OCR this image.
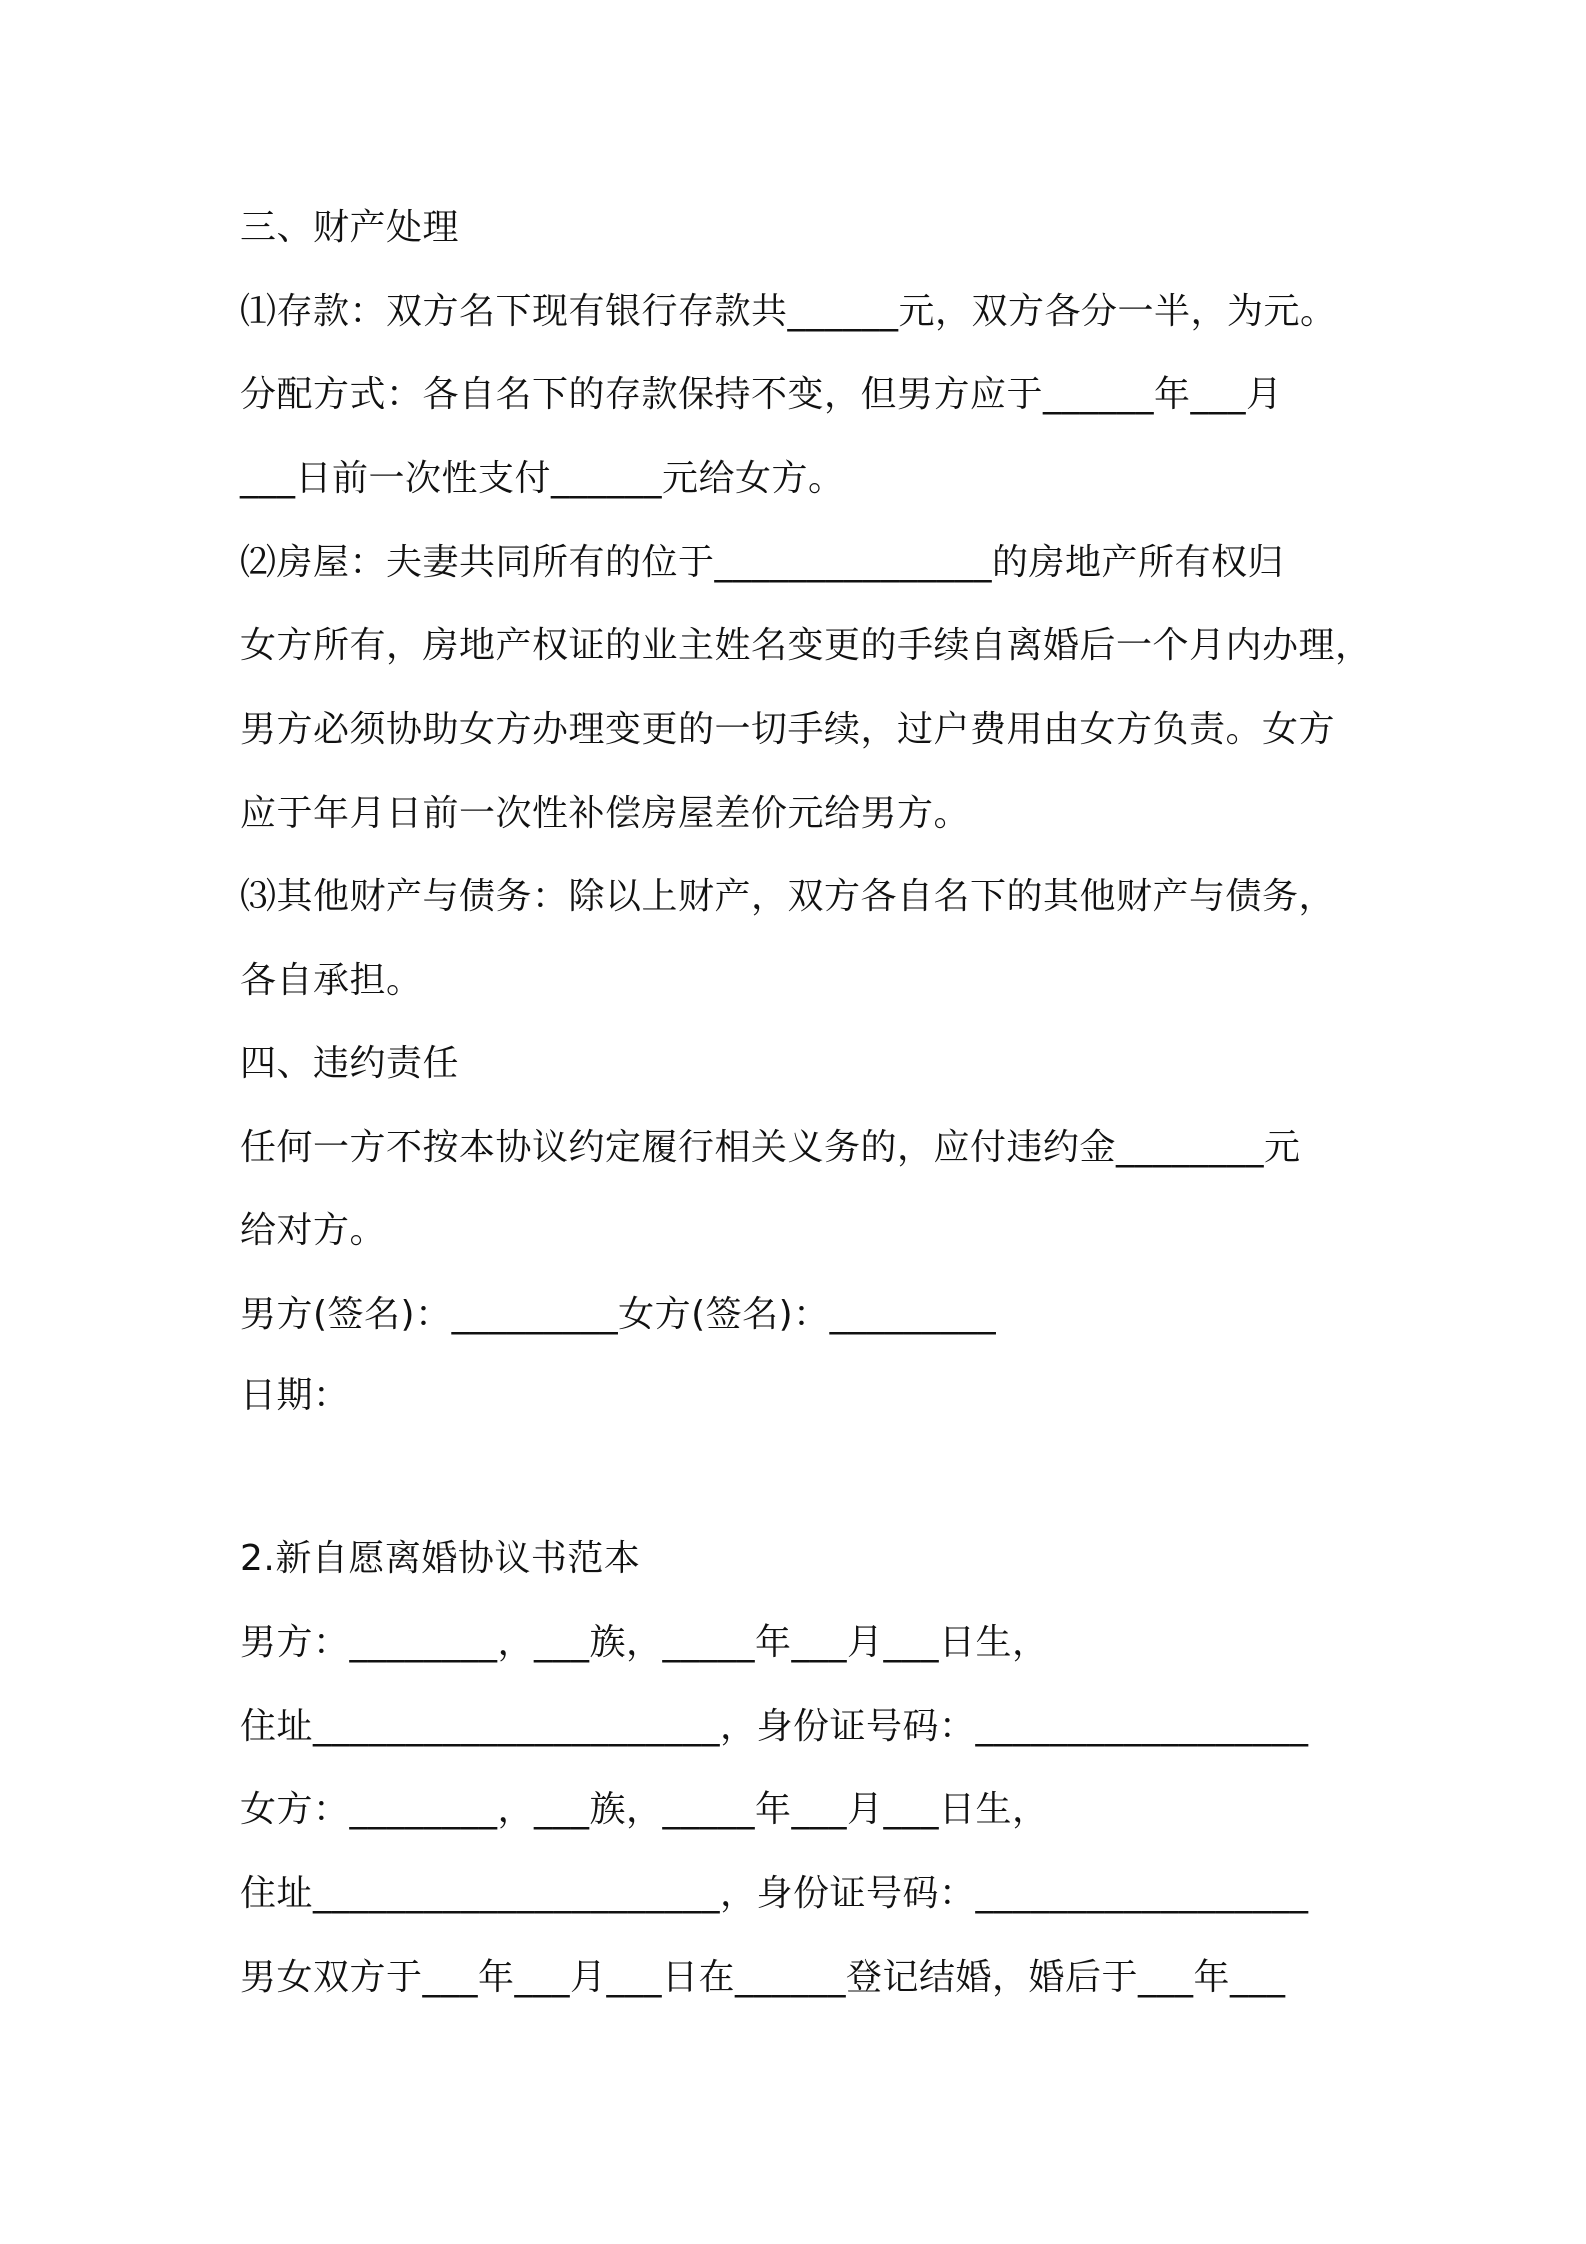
三、财产处理
⑴存款：双方名下现有银行存款共______元，双方各分一半，为元。
分配方式：各自名下的存款保持不变，但男方应于______年___月
___日前一次性支付______元给女方。
⑵房屋：夫妻共同所有的位于_______________的房地产所有权归
女方所有，房地产权证的业主姓名变更的手续自离婚后一个月内办理，
男方必须协助女方办理变更的一切手续，过户费用由女方负责。女方
应于年月日前一次性补偿房屋差价元给男方。
⑶其他财产与债务：除以上财产，双方各自名下的其他财产与债务，
各自承担。
四、违约责任
任何一方不按本协议约定履行相关义务的，应付违约金________元
给对方。
男方(签名)：_________女方(签名)：_________
日期：
2.新自愿离婚协议书范本
男方：________，___族，_____年___月___日生，
住址______________________，身份证号码：__________________
女方：________，___族，_____年___月___日生，
住址______________________，身份证号码：__________________
男女双方于___年___月___日在______登记结婚，婚后于___年___
